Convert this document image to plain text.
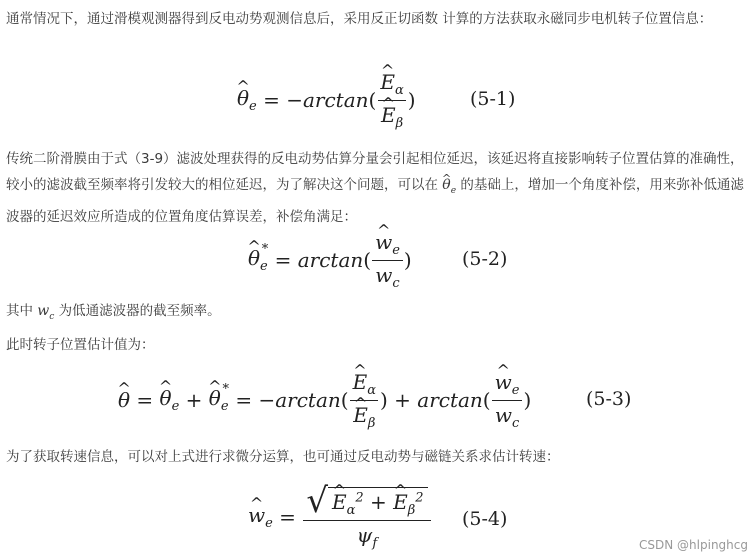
通常情况下，通过滑模观测器得到反电动势观测信息后，采用反正切函数 计算的方法获取永磁同步电机转子位置信息：
^ $\theta_e$ = − arctan (
^ $E_\alpha$
^ $E_\beta$ )	(5-1)
传统二阶滑膜由于式（3-9）滤波处理获得的反电动势估算分量会引起相位延迟，该延迟将直接影响转子位置估算的准确性，较小的滤波截至频率将引发较大的相位延迟，为了解决这个问题，可以在 ^ $\theta_e$ 的基础上，增加一个角度补偿，用来弥补低通滤波器的延迟效应所造成的位置角度估算误差，补偿角满足：
^ $\theta_e^* = \arctan$ (
^ $\frac{w_e}{w_c}$ )	(5-2)
其中 $w_c$ 为低通滤波器的截至频率。
此时转子位置估计值为：
^ θ =
^ $\theta_e$ +
^ $\theta_e^*$ = − arctan (
^ $E_\alpha$
^ $E_\beta$ ) + arctan (
^ $\frac{w_e}{w_c}$ )	(5-3)
为了获取转速信息，可以对上式进行求微分运算，也可通过反电动势与磁链关系求估计转速：
^ $w_e$ = √
^ $E_\alpha^2$ + ^ $E_\beta^2$
$\psi_f$ (5-4)
CSDN @hlpinghcg
